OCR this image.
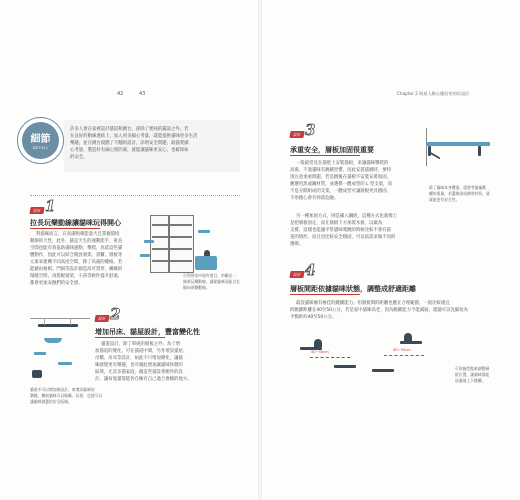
42	43	Chapter 2 明星人類心優居家的好設計
細節
DETAIL
許多人會在家裡設計貓道和跳台，卻除了要純的擺設之外，若
在良好的動線連結上，加入更多細心考量，就能提供貓咪更多生活
樂趣，並在跳台規劃了不翻的設計，添增安全問題，最貓愛細
心考量，製造好有細心照的窩，就能讓貓咪更安心，也確保如
的安全。
設計 1
拉長玩樂動線讓貓咪玩得開心
對貓咪而言，在高處咆哮能量大且掌握環境
動靜的天性，此外，貓是天生的運動能手，垂直
空間也能有效協助貓咪運動、攀爬，為延這些貓
體動作，因此可以結合開放層架、書櫃、層板等
元素來建構不同高度空間，除了高處的樓格，若
能藉由格棋、門洞等設計創造高可貫穿，橫織的
環繞空間，再搭配層架，小孩等軟件提升舒適，
都會更加安撫們的安全感。
可利用家中現有書目，串聯出一
條遊玩樂動線，讓從貓咪而能自在
順向的樂動線。
設計 2
增加吊床、貓屋設計，豐富變化性
貓道設計，除了單純的層板之外，為了增
加貓道的變化，可在貓道中間，另外增設貓屋、
吊橋、吊床等設計，如此不只增加變化，讓貓
咪感覺更有樂趣，也可藉此增加讓貓咪休憩的
區域，尤其多貓家庭，藉這些貓設著額外的設
計，讓每隻貓都能各自擁有自己適合會睡的地方。
貓道中可以增加掛設計，來增添貓咪的
樂趣，擴展貓咪可以躲藏、玩耍，也使可以
讓貓咪挑選的安全區域。
設計 3
承重安全，層板加固很重要
一般最常見在貓壁上安裝貓板，來讓貓咪攀爬的
高處，不過貓咪有跳躍習慣，因此安裝貓板時，要特
別注意承重問題，若是跳後在貓板不安裝安裝加固，
應選用黑或鋼材質，並選擇一體成型的 L 型支架，而
不是分開組成的支架，一體成型可讓層板更具穩固，
不用擔心會有掉落危險。
除了貓咪本身體重，還要考量貓跳
躍的重量，若選擇黑或鋼等材質，就
就能更有安全性。
另一種加固方式，則是鋪入鋼底，這種方式也就像土
是把層板固定，而在層板下方加裝木板，以做為
支撐，這樣也能讓平常貓咪爬跳的時候比較不會有搖
晃的情形，而且也比較安全穩固，可以依需求做不同的
選擇。
設計 4
層板間距依據貓咪狀態，調整成舒適距離
最設貓咪擁有極佳的跳躍能力，但層板間的距離也應在合理範圍，一般比較適宜
的跳躍距離在40至50公分，若是家中貓咪高老，因為跳躍能力不能減弱，建議可以先縮短為
平衡距約40至50公分。
40~50cm	40~50cm
可依貓型態來調整層
板位置，讓貓咪都能
舒適地上下跳躍。
